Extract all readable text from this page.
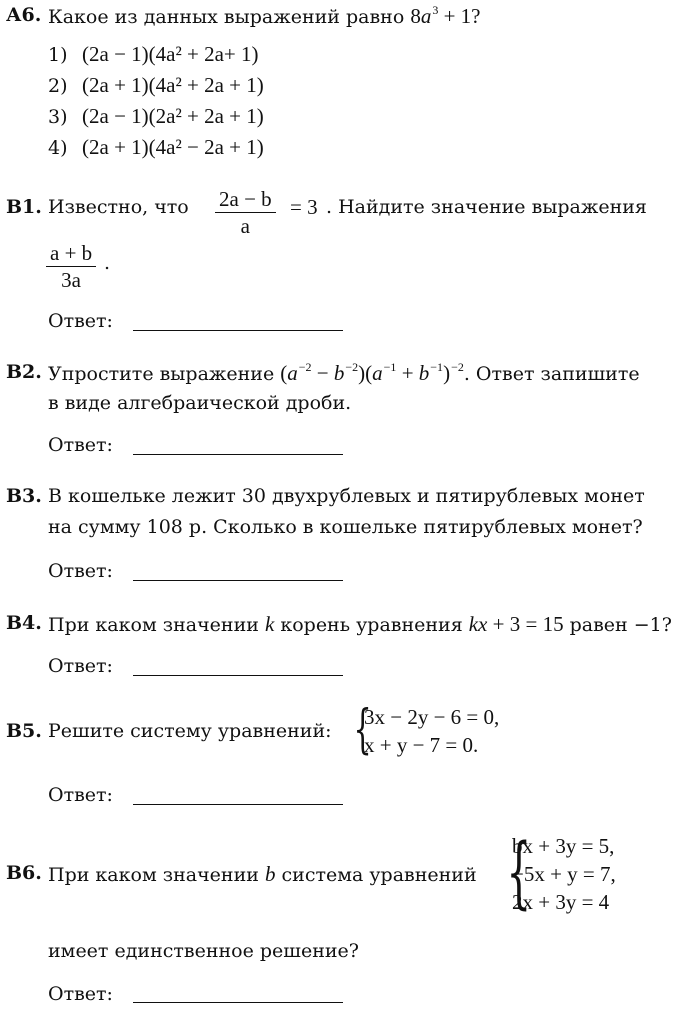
А6. Какое из данных выражений равно $8a^3 + 1$?
1) (2a − 1)(4a² + 2a+ 1)
2) (2a + 1)(4a² + 2a + 1)
3) (2a − 1)(2a² + 2a + 1)
4) (2a + 1)(4a² − 2a + 1)
В1. Известно, что $\frac{2a - b}{a} = 3$ . Найдите значение выражения
$\frac{a + b}{3a}$ .
Ответ:
В2. Упростите выражение $(a^{-2} - b^{-2})(a^{-1} + b^{-1})^{-2}$. Ответ запишите
в виде алгебраической дроби.
Ответ:
В3. В кошельке лежит 30 двухрублевых и пятирублевых монет
на сумму 108 р. Сколько в кошельке пятирублевых монет?
Ответ:
В4. При каком значении k корень уравнения kx + 3 = 15 равен −1?
Ответ:
В5. Решите систему уравнений: {
3x − 2y − 6 = 0,
x + y − 7 = 0.
Ответ:
В6. При каком значении b система уравнений {
bx + 3y = 5,
−5x + y = 7,
2x + 3y = 4
имеет единственное решение?
Ответ:
